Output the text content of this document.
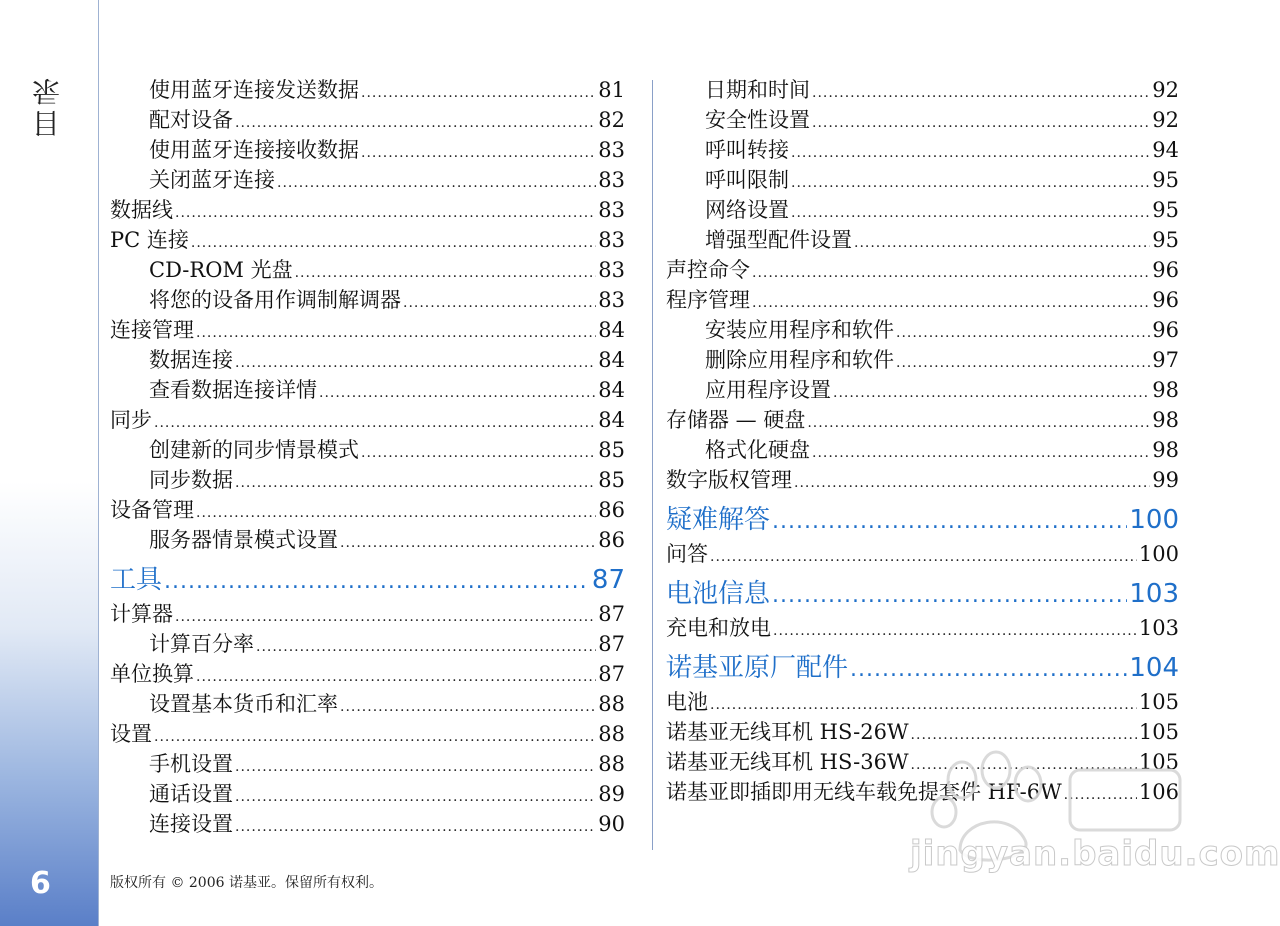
目录
6
使用蓝牙连接发送数据 .....	81
配对设备 .....	82
使用蓝牙连接接收数据 .....	83
关闭蓝牙连接 .....	83
数据线 .....	83
PC 连接 .....	83
CD-ROM 光盘 .....	83
将您的设备用作调制解调器 .....	83
连接管理 .....	84
数据连接 .....	84
查看数据连接详情 .....	84
同步 .....	84
创建新的同步情景模式 .....	85
同步数据 .....	85
设备管理 .....	86
服务器情景模式设置 .....	86
工具 .....	87
计算器 .....	87
计算百分率 .....	87
单位换算 .....	87
设置基本货币和汇率 .....	88
设置 .....	88
手机设置 .....	88
通话设置 .....	89
连接设置 .....	90
日期和时间 .....	92
安全性设置 .....	92
呼叫转接 .....	94
呼叫限制 .....	95
网络设置 .....	95
增强型配件设置 .....	95
声控命令 .....	96
程序管理 .....	96
安装应用程序和软件 .....	96
删除应用程序和软件 .....	97
应用程序设置 .....	98
存储器 — 硬盘 .....	98
格式化硬盘 .....	98
数字版权管理 .....	99
疑难解答 .....	100
问答 .....	100
电池信息 .....	103
充电和放电 .....	103
诺基亚原厂配件 .....	104
电池 .....	105
诺基亚无线耳机 HS-26W .....	105
诺基亚无线耳机 HS-36W .....	105
诺基亚即插即用无线车载免提套件 HF-6W .....	106
版权所有 © 2006 诺基亚。保留所有权利。
jingyan.baidu.com
